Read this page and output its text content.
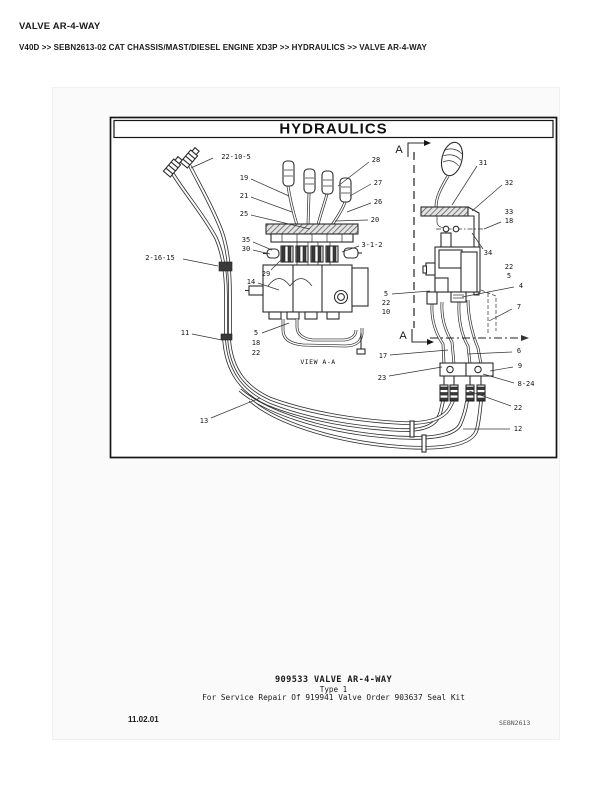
VALVE AR-4-WAY
V40D >> SEBN2613-02 CAT CHASSIS/MAST/DIESEL ENGINE XD3P >> HYDRAULICS >> VALVE AR-4-WAY
HYDRAULICS
VIEW A-A
A
A
22-10-5
19
21
25
35
30
2-16-15
29
14
11	5
18
22
13
28
27
26
20
3-1-2
31
32
33
18
34
22
5
4
7
5
22
10
17
6
23
9
8-24
22
12
909533 VALVE AR-4-WAY
Type 1
For Service Repair Of 919941 Valve Order 903637 Seal Kit
11.02.01	SEBN2613
